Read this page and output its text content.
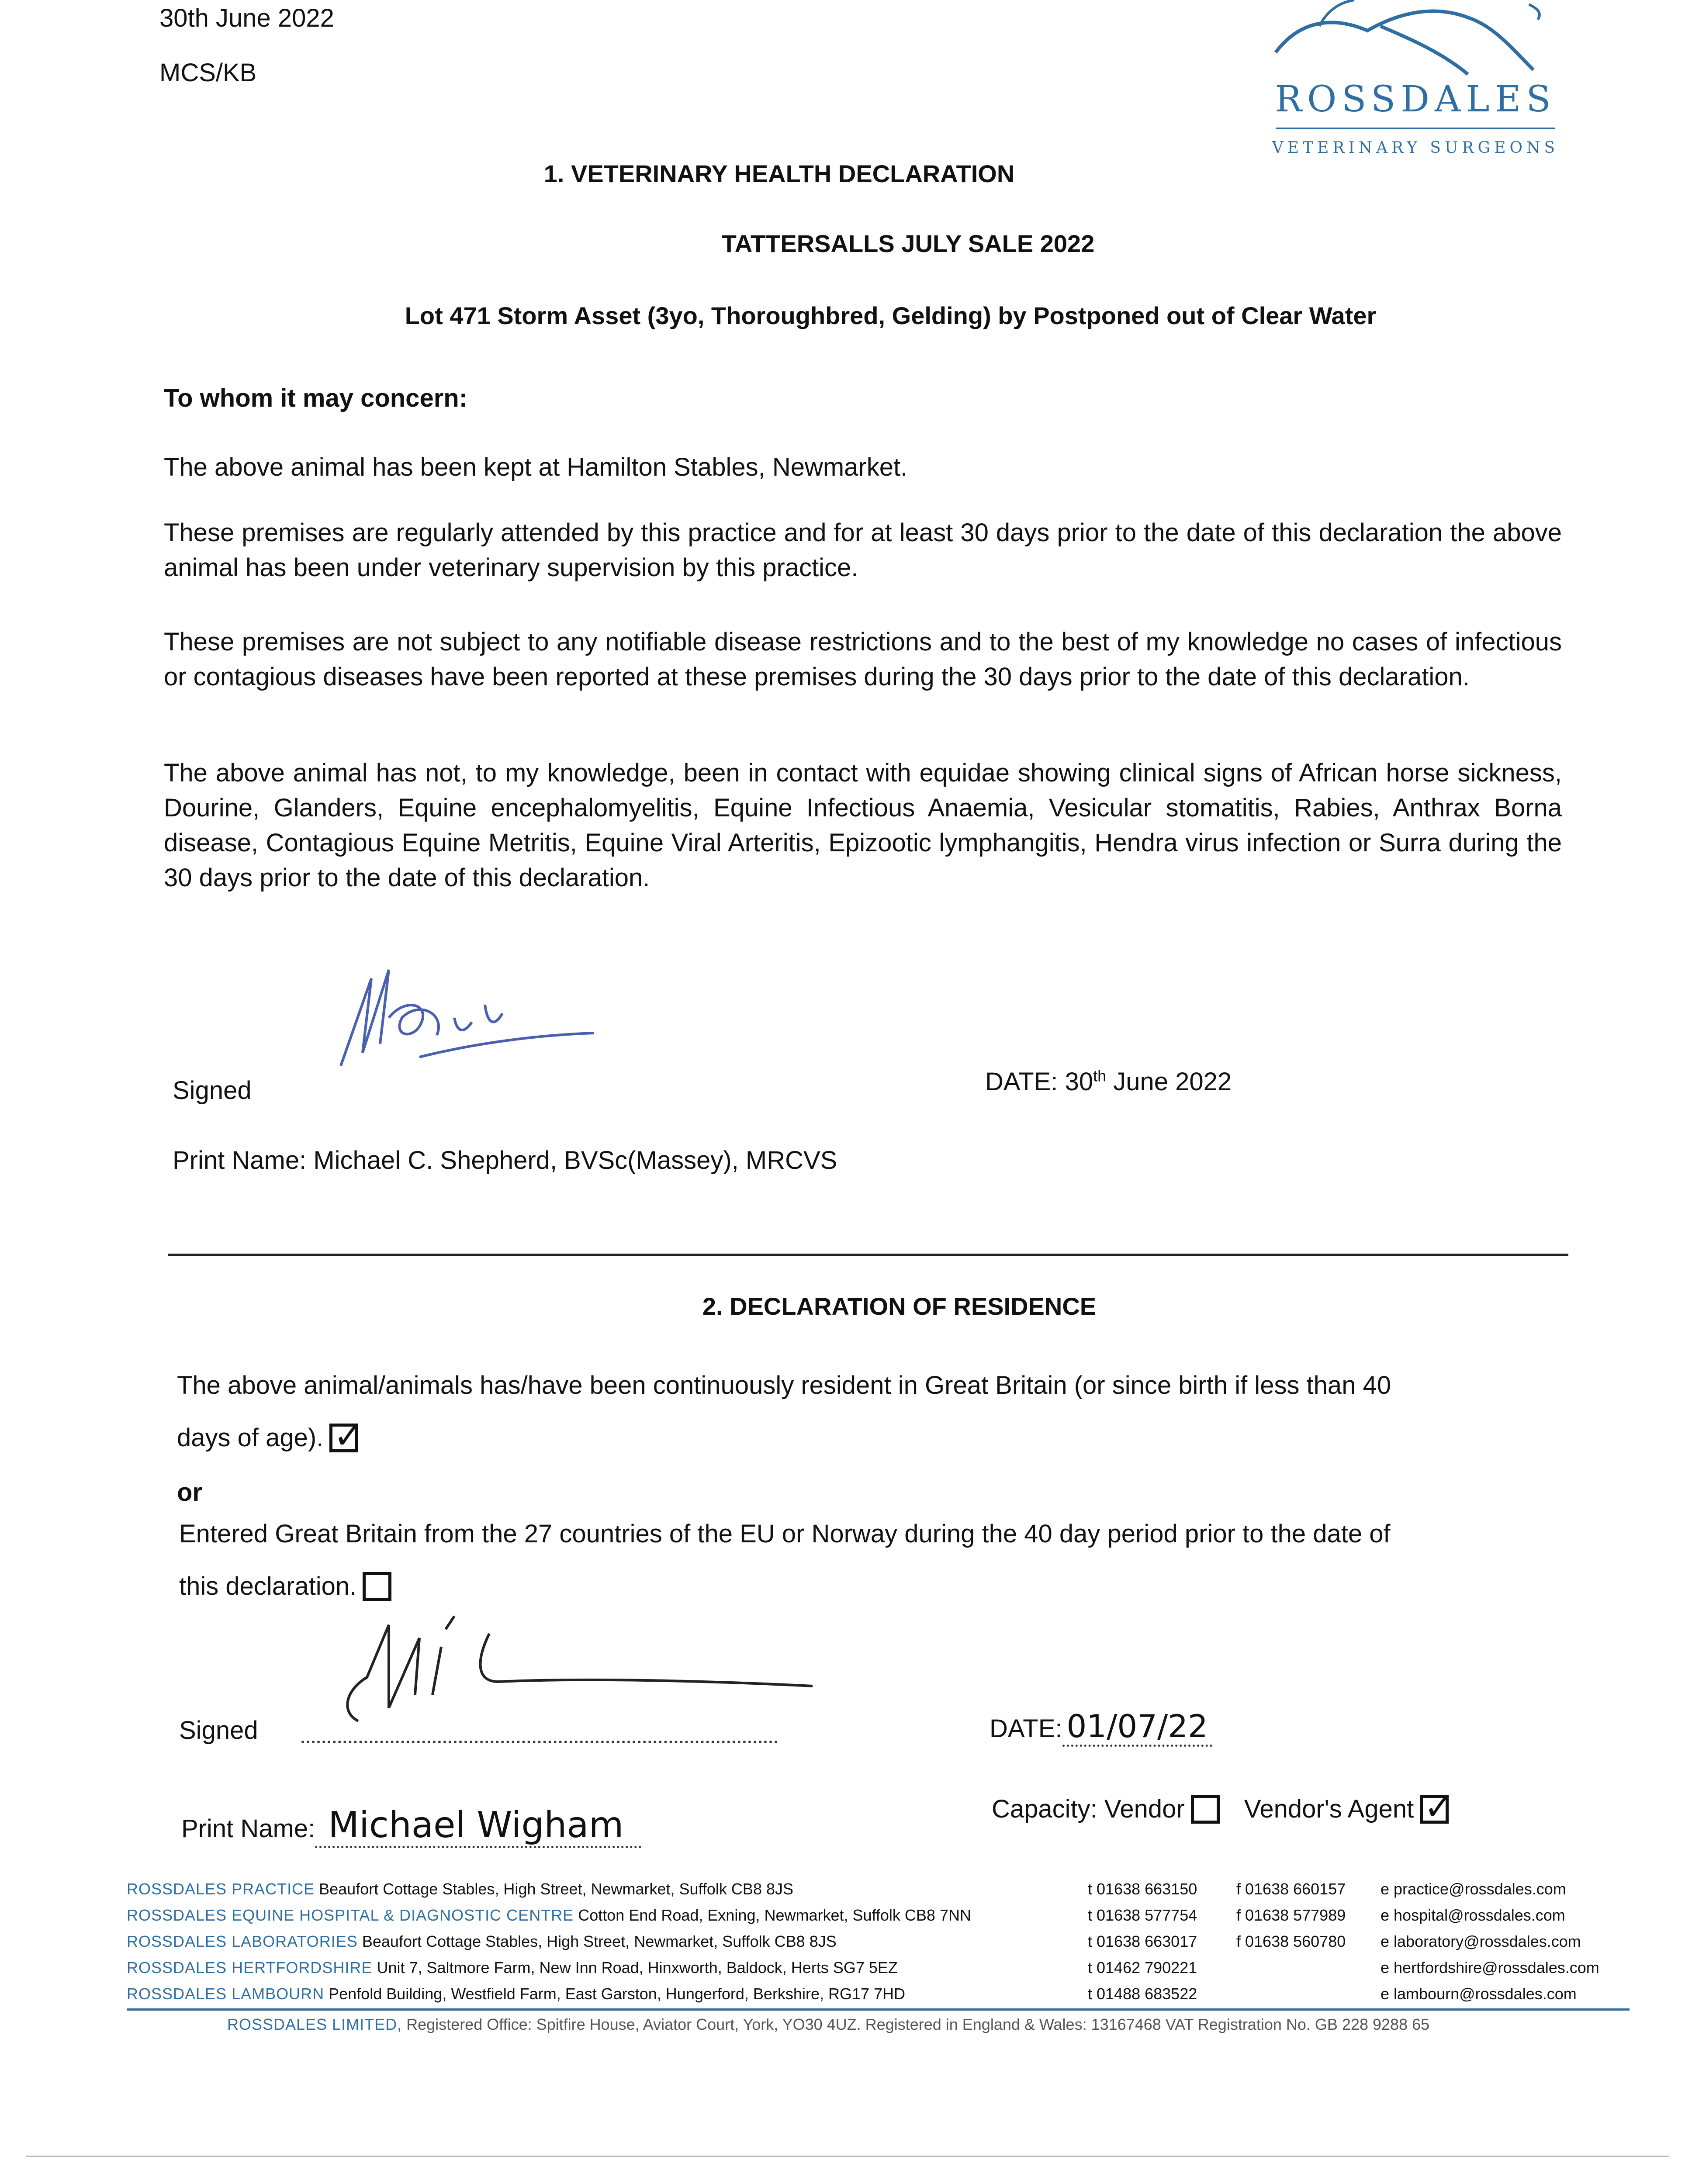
30th June 2022
MCS/KB
ROSSDALES
VETERINARY SURGEONS
1. VETERINARY HEALTH DECLARATION
TATTERSALLS JULY SALE 2022
Lot 471 Storm Asset (3yo, Thoroughbred, Gelding) by Postponed out of Clear Water
To whom it may concern:
The above animal has been kept at Hamilton Stables, Newmarket.
These premises are regularly attended by this practice and for at least 30 days prior to the date of this declaration the above animal has been under veterinary supervision by this practice.
These premises are not subject to any notifiable disease restrictions and to the best of my knowledge no cases of infectious or contagious diseases have been reported at these premises during the 30 days prior to the date of this declaration.
The above animal has not, to my knowledge, been in contact with equidae showing clinical signs of African horse sickness, Dourine, Glanders, Equine encephalomyelitis, Equine Infectious Anaemia, Vesicular stomatitis, Rabies, Anthrax Borna disease, Contagious Equine Metritis, Equine Viral Arteritis, Epizootic lymphangitis, Hendra virus infection or Surra during the 30 days prior to the date of this declaration.
Signed	DATE: 30th June 2022
Print Name: Michael C. Shepherd, BVSc(Massey), MRCVS
2. DECLARATION OF RESIDENCE
The above animal/animals has/have been continuously resident in Great Britain (or since birth if less than 40
days of age). ✓
or
Entered Great Britain from the 27 countries of the EU or Norway during the 40 day period prior to the date of
this declaration.
Signed	DATE: 01/07/22
Print Name: Michael Wigham	Capacity: Vendor Vendor's Agent ✓
ROSSDALES PRACTICE Beaufort Cottage Stables, High Street, Newmarket, Suffolk CB8 8JS	t 01638 663150	f 01638 660157	e practice@rossdales.com
ROSSDALES EQUINE HOSPITAL & DIAGNOSTIC CENTRE Cotton End Road, Exning, Newmarket, Suffolk CB8 7NN	t 01638 577754	f 01638 577989	e hospital@rossdales.com
ROSSDALES LABORATORIES Beaufort Cottage Stables, High Street, Newmarket, Suffolk CB8 8JS	t 01638 663017	f 01638 560780	e laboratory@rossdales.com
ROSSDALES HERTFORDSHIRE Unit 7, Saltmore Farm, New Inn Road, Hinxworth, Baldock, Herts SG7 5EZ	t 01462 790221	e hertfordshire@rossdales.com
ROSSDALES LAMBOURN Penfold Building, Westfield Farm, East Garston, Hungerford, Berkshire, RG17 7HD	t 01488 683522	e lambourn@rossdales.com
ROSSDALES LIMITED, Registered Office: Spitfire House, Aviator Court, York, YO30 4UZ. Registered in England & Wales: 13167468 VAT Registration No. GB 228 9288 65
